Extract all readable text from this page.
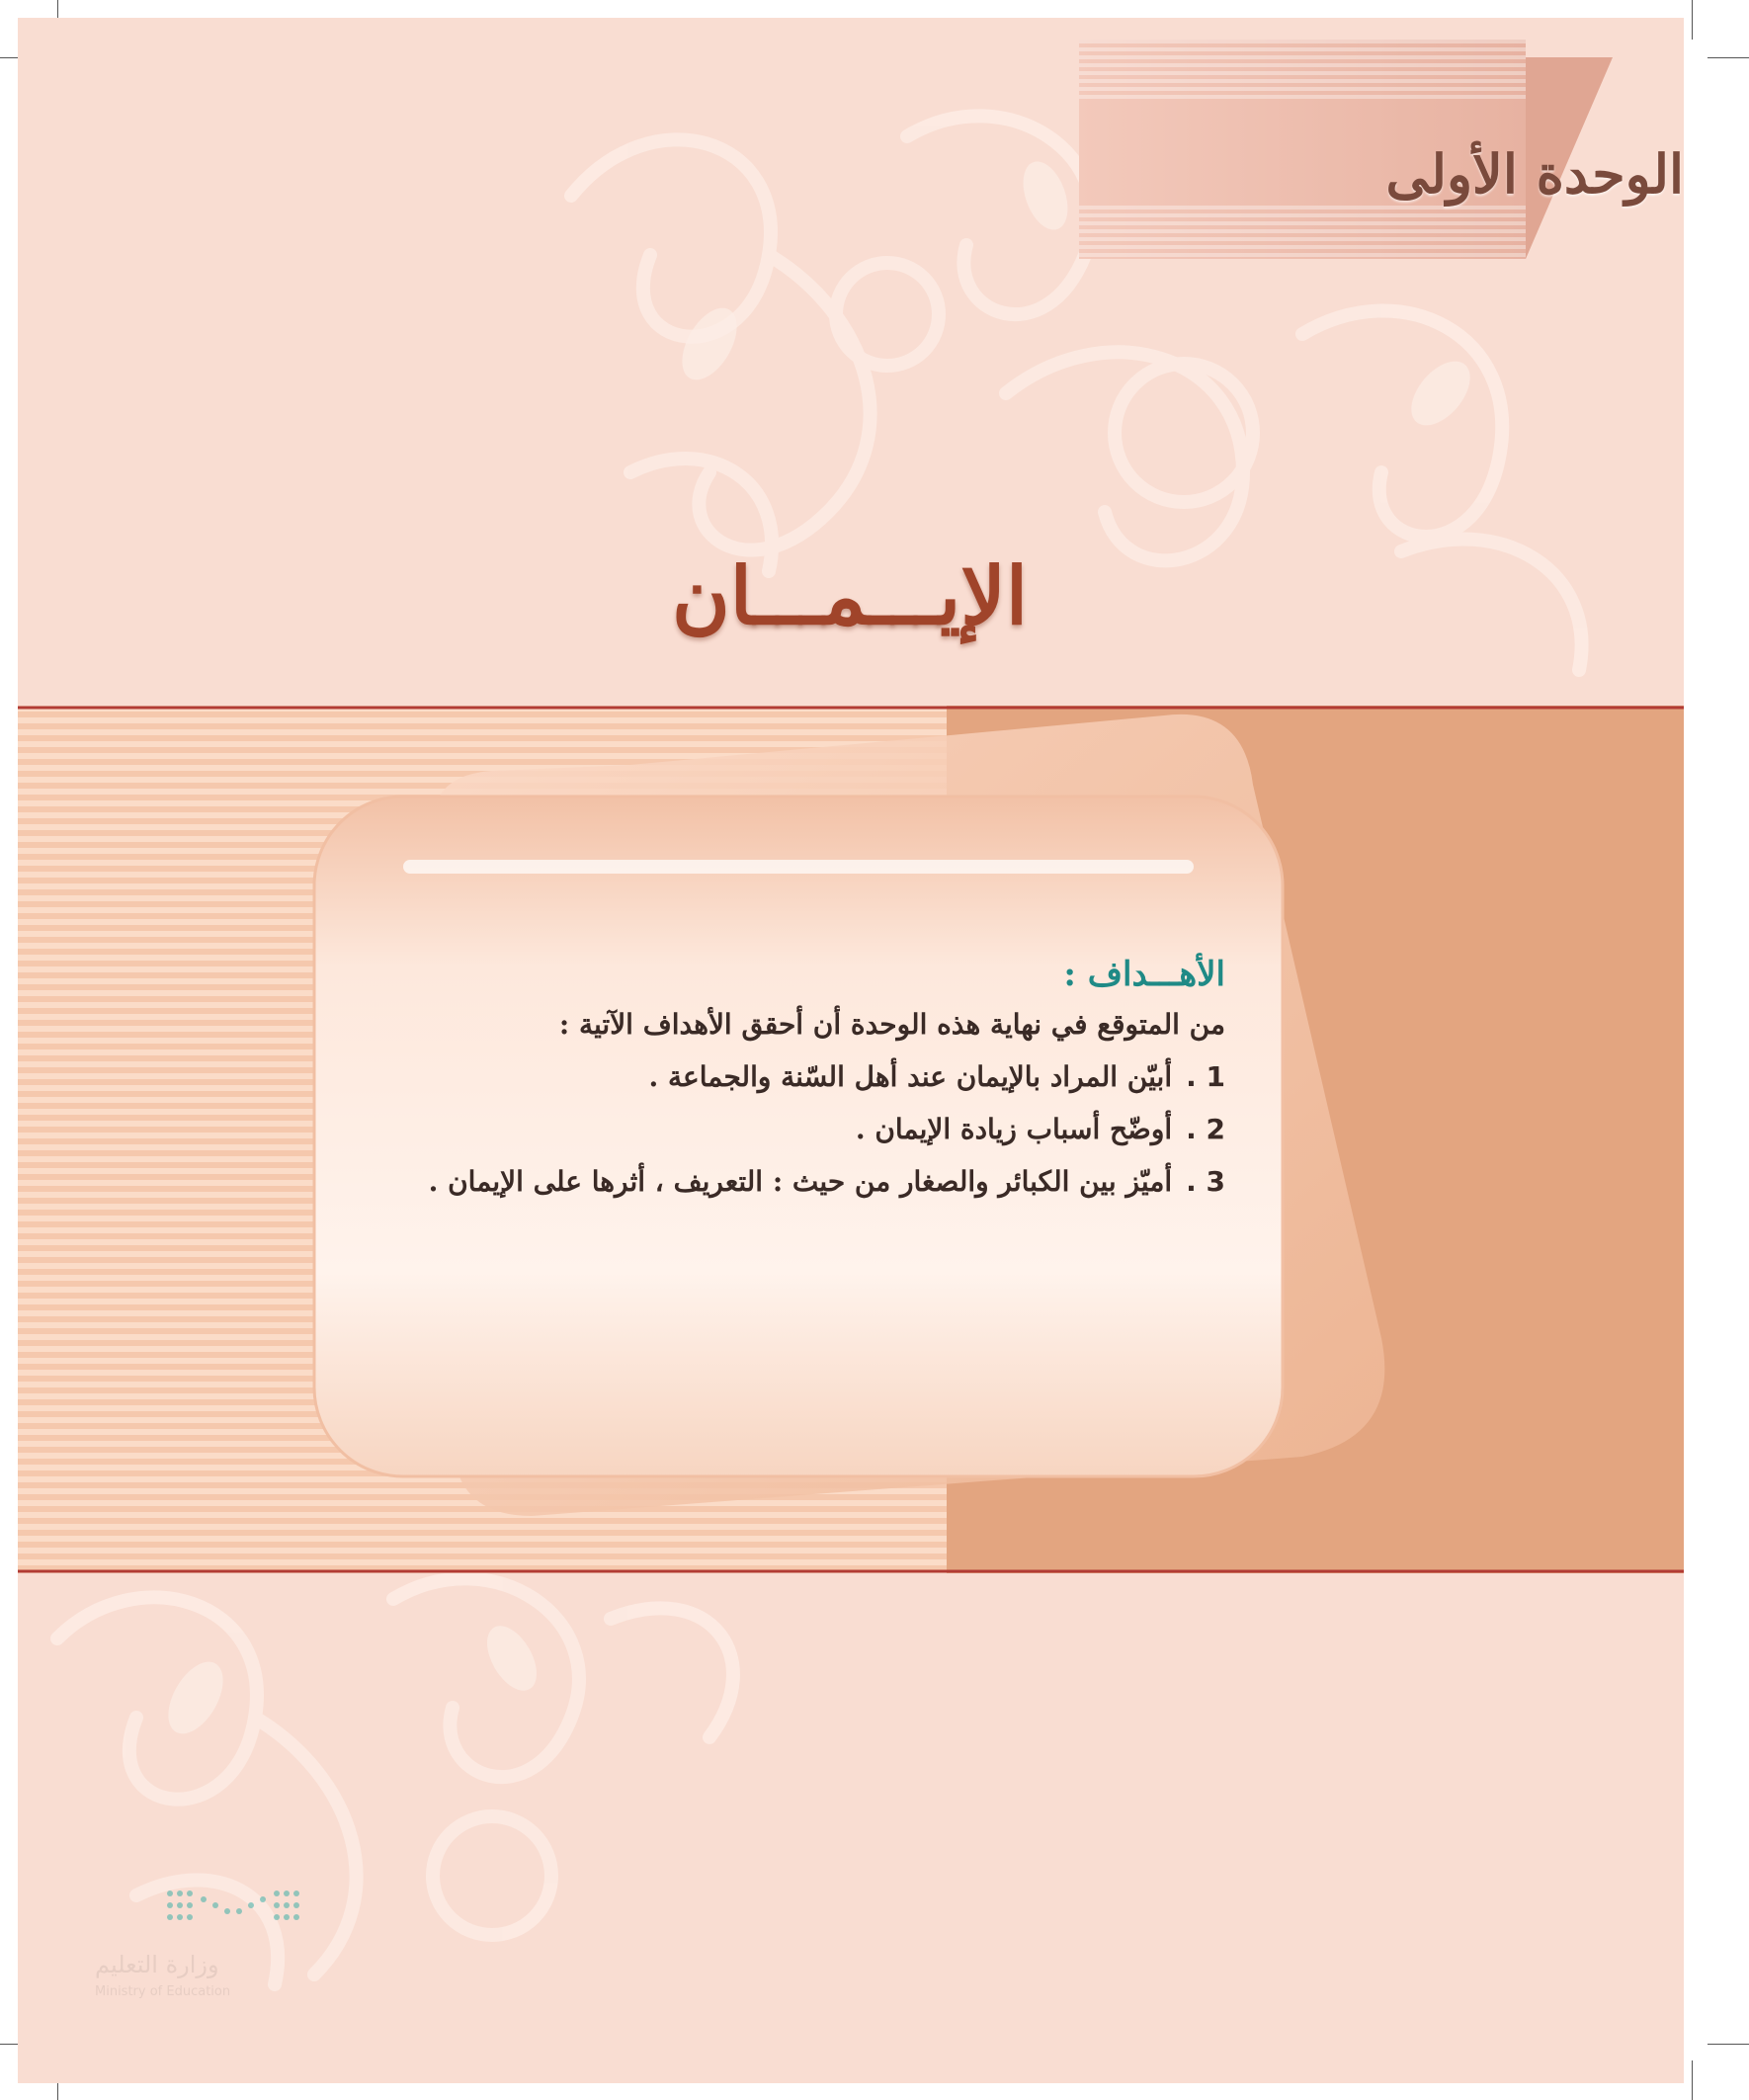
الوحدة الأولى
الإيـــمـــان
الأهـــداف :
من المتوقع في نهاية هذه الوحدة أن أحقق الأهداف الآتية :
1 .أبيّن المراد بالإيمان عند أهل السّنة والجماعة .
2 .أوضّح أسباب زيادة الإيمان .
3 .أميّز بين الكبائر والصغار من حيث : التعريف ، أثرها على الإيمان .
وزارة التعليم
Ministry of Education
